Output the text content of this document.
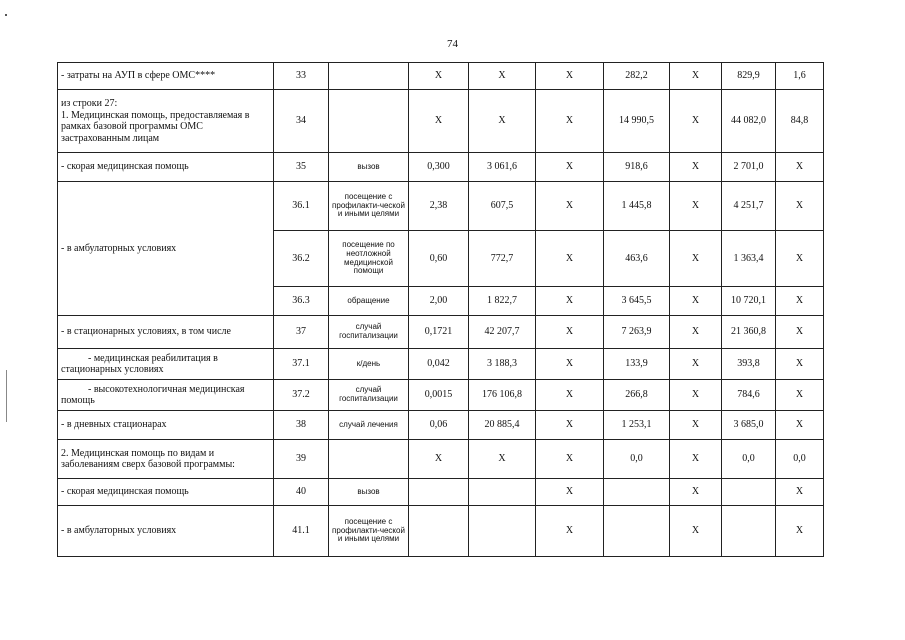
74
- затраты на АУП в сфере ОМС****	33		Х	Х	Х	282,2	Х	829,9	1,6
из строки 27:
1. Медицинская помощь, предоставляемая в рамках базовой программы ОМС застрахованным лицам	34		Х	Х	Х	14 990,5	Х	44 082,0	84,8
- скорая медицинская помощь	35	вызов	0,300	3 061,6	Х	918,6	Х	2 701,0	Х
- в амбулаторных условиях	36.1	посещение с профилакти-ческой и иными целями	2,38	607,5	Х	1 445,8	Х	4 251,7	Х
	36.2	посещение по неотложной медицинской помощи	0,60	772,7	Х	463,6	Х	1 363,4	Х
	36.3	обращение	2,00	1 822,7	Х	3 645,5	Х	10 720,1	Х
- в стационарных условиях, в том числе	37	случай госпитализации	0,1721	42 207,7	Х	7 263,9	Х	21 360,8	Х
- медицинская реабилитация в стационарных условиях	37.1	к/день	0,042	3 188,3	Х	133,9	Х	393,8	Х
- высокотехнологичная медицинская помощь	37.2	случай госпитализации	0,0015	176 106,8	Х	266,8	Х	784,6	Х
- в дневных стационарах	38	случай лечения	0,06	20 885,4	Х	1 253,1	Х	3 685,0	Х
2. Медицинская помощь по видам и заболеваниям сверх базовой программы:	39		Х	Х	Х	0,0	Х	0,0	0,0
- скорая медицинская помощь	40	вызов			Х		Х		Х
- в амбулаторных условиях	41.1	посещение с профилакти-ческой и иными целями			Х		Х		Х
